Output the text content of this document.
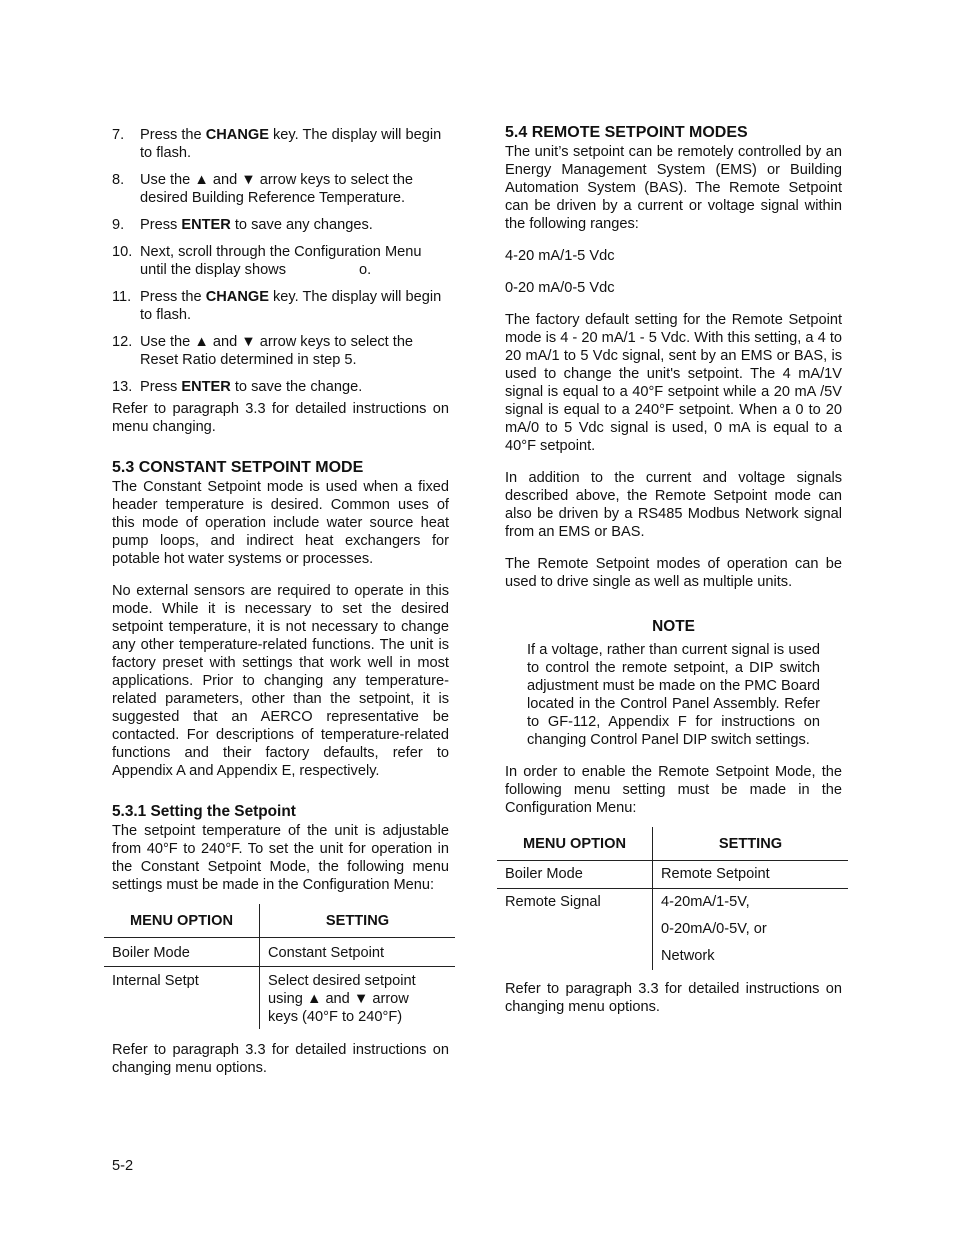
7. Press the CHANGE key. The display will begin to flash.
8. Use the ▲ and ▼ arrow keys to select the desired Building Reference Temperature.
9. Press ENTER to save any changes.
10. Next, scroll through the Configuration Menu until the display shows                  o.
11. Press the CHANGE key. The display will begin to flash.
12. Use the ▲ and ▼ arrow keys to select the Reset Ratio determined in step 5.
13. Press ENTER to save the change.

Refer to paragraph 3.3 for detailed instructions on menu changing.

5.3 CONSTANT SETPOINT MODE

The Constant Setpoint mode is used when a fixed header temperature is desired. Common uses of this mode of operation include water source heat pump loops, and indirect heat exchangers for potable hot water systems or processes.

No external sensors are required to operate in this mode. While it is necessary to set the desired setpoint temperature, it is not necessary to change any other temperature-related functions. The unit is factory preset with settings that work well in most applications. Prior to changing any temperature-related parameters, other than the setpoint, it is suggested that an AERCO representative be contacted. For descriptions of temperature-related functions and their factory defaults, refer to Appendix A and Appendix E, respectively.

5.3.1 Setting the Setpoint

The setpoint temperature of the unit is adjustable from 40°F to 240°F. To set the unit for operation in the Constant Setpoint Mode, the following menu settings must be made in the Configuration Menu:

MENU OPTION	SETTING
Boiler Mode	Constant Setpoint
Internal Setpt	Select desired setpoint using ▲ and ▼ arrow keys (40°F to 240°F)

Refer to paragraph 3.3 for detailed instructions on changing menu options.

5.4 REMOTE SETPOINT MODES

The unit’s setpoint can be remotely controlled by an Energy Management System (EMS) or Building Automation System (BAS). The Remote Setpoint can be driven by a current or voltage signal within the following ranges:

4-20 mA/1-5 Vdc

0-20 mA/0-5 Vdc

The factory default setting for the Remote Setpoint mode is 4 - 20 mA/1 - 5 Vdc. With this setting, a 4 to 20 mA/1 to 5 Vdc signal, sent by an EMS or BAS, is used to change the unit's setpoint. The 4 mA/1V signal is equal to a 40°F setpoint while a 20 mA /5V signal is equal to a 240°F setpoint. When a 0 to 20 mA/0 to 5 Vdc signal is used, 0 mA is equal to a 40°F setpoint.

In addition to the current and voltage signals described above, the Remote Setpoint mode can also be driven by a RS485 Modbus Network signal from an EMS or BAS.

The Remote Setpoint modes of operation can be used to drive single as well as multiple units.

NOTE

If a voltage, rather than current signal is used to control the remote setpoint, a DIP switch adjustment must be made on the PMC Board located in the Control Panel Assembly. Refer to GF-112, Appendix F for instructions on changing Control Panel DIP switch settings.

In order to enable the Remote Setpoint Mode, the following menu setting must be made in the Configuration Menu:

MENU OPTION	SETTING
Boiler Mode	Remote Setpoint
Remote Signal	4-20mA/1-5V,
0-20mA/0-5V, or
Network

Refer to paragraph 3.3 for detailed instructions on changing menu options.

5-2
